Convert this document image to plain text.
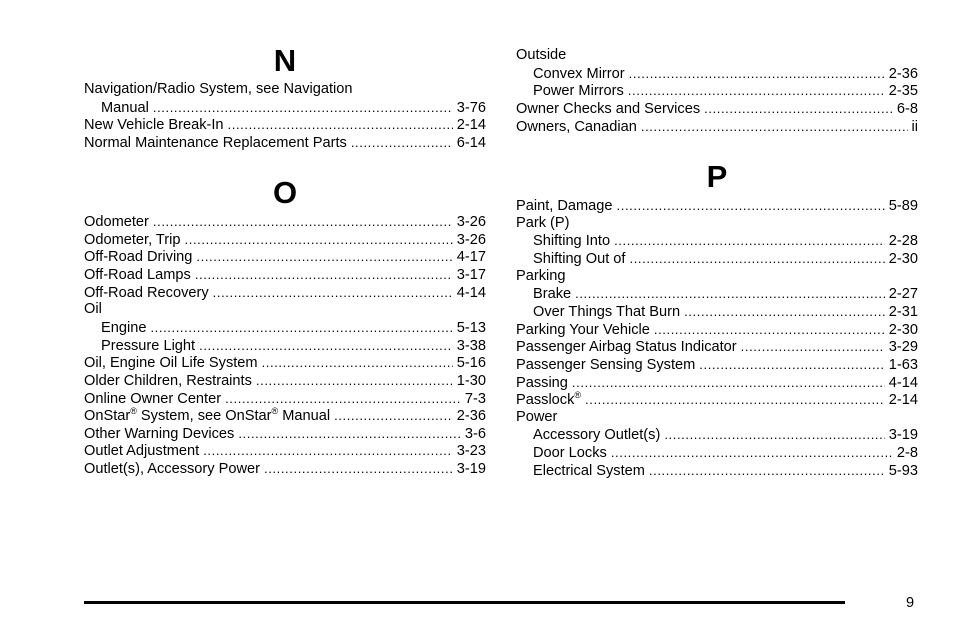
N
Navigation/Radio System, see Navigation
Manual .....	3-76
New Vehicle Break-In .....	2-14
Normal Maintenance Replacement Parts .....	6-14
O
Odometer .....	3-26
Odometer, Trip .....	3-26
Off-Road Driving .....	4-17
Off-Road Lamps .....	3-17
Off-Road Recovery .....	4-14
Oil
Engine .....	5-13
Pressure Light .....	3-38
Oil, Engine Oil Life System .....	5-16
Older Children, Restraints .....	1-30
Online Owner Center .....	7-3
OnStar® System, see OnStar® Manual .....	2-36
Other Warning Devices .....	3-6
Outlet Adjustment .....	3-23
Outlet(s), Accessory Power .....	3-19
Outside
Convex Mirror .....	2-36
Power Mirrors .....	2-35
Owner Checks and Services .....	6-8
Owners, Canadian .....	ii
P
Paint, Damage .....	5-89
Park (P)
Shifting Into .....	2-28
Shifting Out of .....	2-30
Parking
Brake .....	2-27
Over Things That Burn .....	2-31
Parking Your Vehicle .....	2-30
Passenger Airbag Status Indicator .....	3-29
Passenger Sensing System .....	1-63
Passing .....	4-14
Passlock® .....	2-14
Power
Accessory Outlet(s) .....	3-19
Door Locks .....	2-8
Electrical System .....	5-93
9
